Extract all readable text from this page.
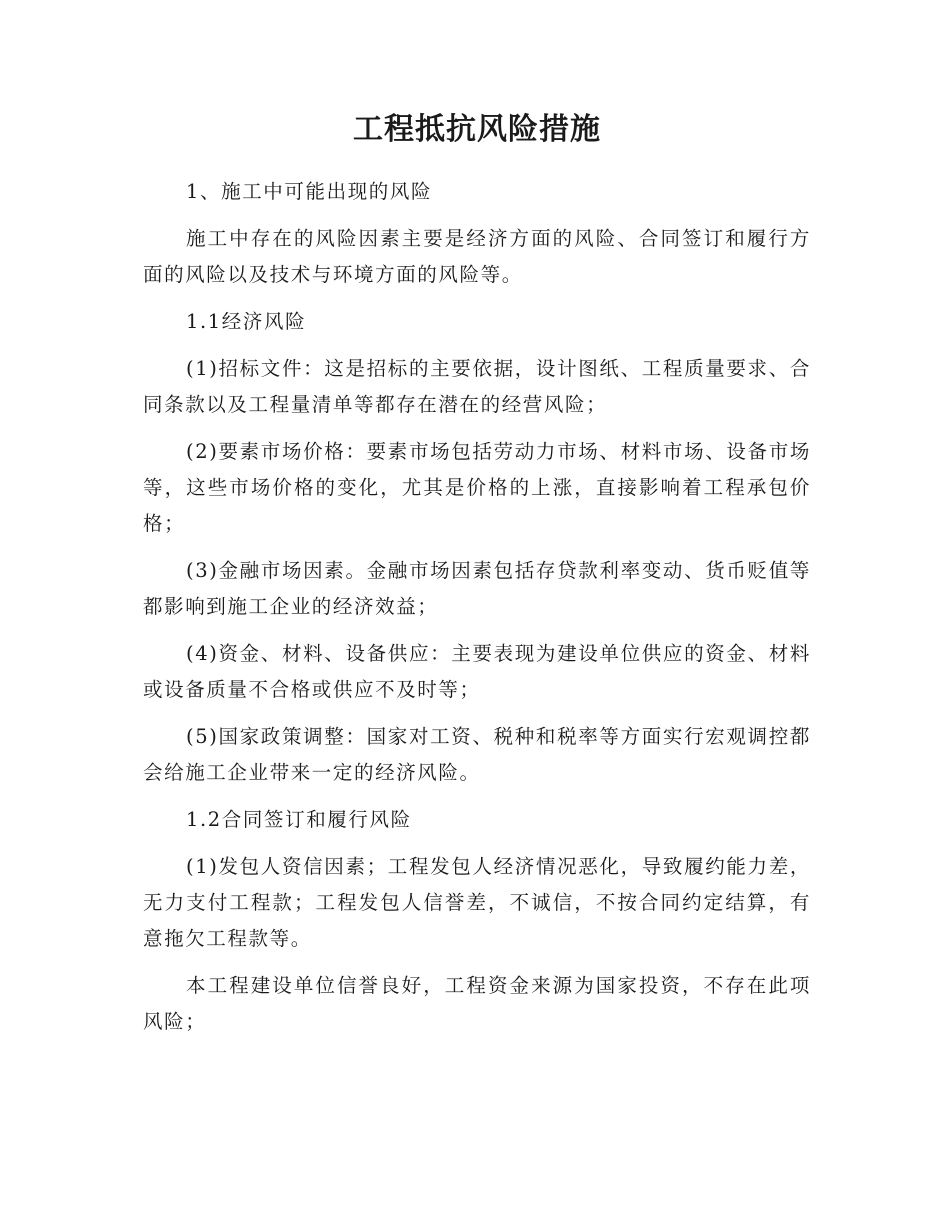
工程抵抗风险措施

1、施工中可能出现的风险

施工中存在的风险因素主要是经济方面的风险、合同签订和履行方面的风险以及技术与环境方面的风险等。

1.1经济风险

(1)招标文件：这是招标的主要依据，设计图纸、工程质量要求、合同条款以及工程量清单等都存在潜在的经营风险；

(2)要素市场价格：要素市场包括劳动力市场、材料市场、设备市场等，这些市场价格的变化，尤其是价格的上涨，直接影响着工程承包价格；

(3)金融市场因素。金融市场因素包括存贷款利率变动、货币贬值等都影响到施工企业的经济效益；

(4)资金、材料、设备供应：主要表现为建设单位供应的资金、材料或设备质量不合格或供应不及时等；

(5)国家政策调整：国家对工资、税种和税率等方面实行宏观调控都会给施工企业带来一定的经济风险。

1.2合同签订和履行风险

(1)发包人资信因素；工程发包人经济情况恶化，导致履约能力差，无力支付工程款；工程发包人信誉差，不诚信，不按合同约定结算，有意拖欠工程款等。

本工程建设单位信誉良好，工程资金来源为国家投资，不存在此项风险；
